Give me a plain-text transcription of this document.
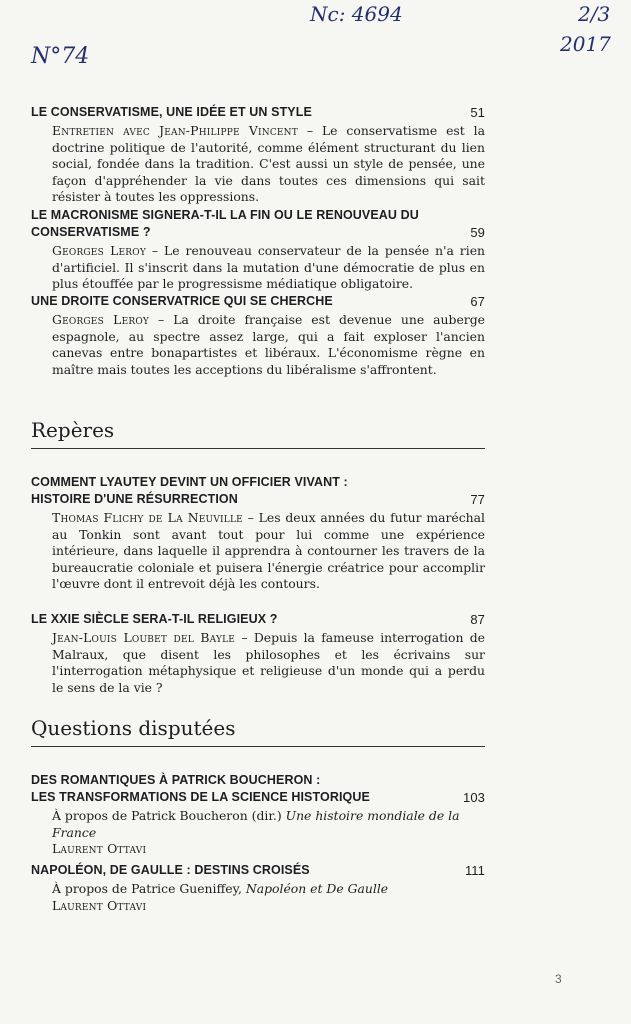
N°74
Nc: 4694	2/3
2017
LE CONSERVATISME, UNE IDÉE ET UN STYLE	51
Entretien avec Jean-Philippe Vincent – Le conservatisme est la doctrine politique de l'autorité, comme élément structurant du lien social, fondée dans la tradition. C'est aussi un style de pensée, une façon d'appréhender la vie dans toutes ces dimensions qui sait résister à toutes les oppressions.
LE MACRONISME SIGNERA-T-IL LA FIN OU LE RENOUVEAU DU CONSERVATISME ?	59
Georges Leroy – Le renouveau conservateur de la pensée n'a rien d'artificiel. Il s'inscrit dans la mutation d'une démocratie de plus en plus étouffée par le progressisme médiatique obligatoire.
UNE DROITE CONSERVATRICE QUI SE CHERCHE	67
Georges Leroy – La droite française est devenue une auberge espagnole, au spectre assez large, qui a fait exploser l'ancien canevas entre bonapartistes et libéraux. L'économisme règne en maître mais toutes les acceptions du libéralisme s'affrontent.
Repères
COMMENT LYAUTEY DEVINT UN OFFICIER VIVANT :
HISTOIRE D'UNE RÉSURRECTION	77
Thomas Flichy de La Neuville – Les deux années du futur maréchal au Tonkin sont avant tout pour lui comme une expérience intérieure, dans laquelle il apprendra à contourner les travers de la bureaucratie coloniale et puisera l'énergie créatrice pour accomplir l'œuvre dont il entrevoit déjà les contours.
LE XXIE SIÈCLE SERA-T-IL RELIGIEUX ?	87
Jean-Louis Loubet del Bayle – Depuis la fameuse interrogation de Malraux, que disent les philosophes et les écrivains sur l'interrogation métaphysique et religieuse d'un monde qui a perdu le sens de la vie ?
Questions disputées
DES ROMANTIQUES À PATRICK BOUCHERON :
LES TRANSFORMATIONS DE LA SCIENCE HISTORIQUE	103
À propos de Patrick Boucheron (dir.) Une histoire mondiale de la France
Laurent Ottavi
NAPOLÉON, DE GAULLE : DESTINS CROISÉS	111
À propos de Patrice Gueniffey, Napoléon et De Gaulle
Laurent Ottavi
3
